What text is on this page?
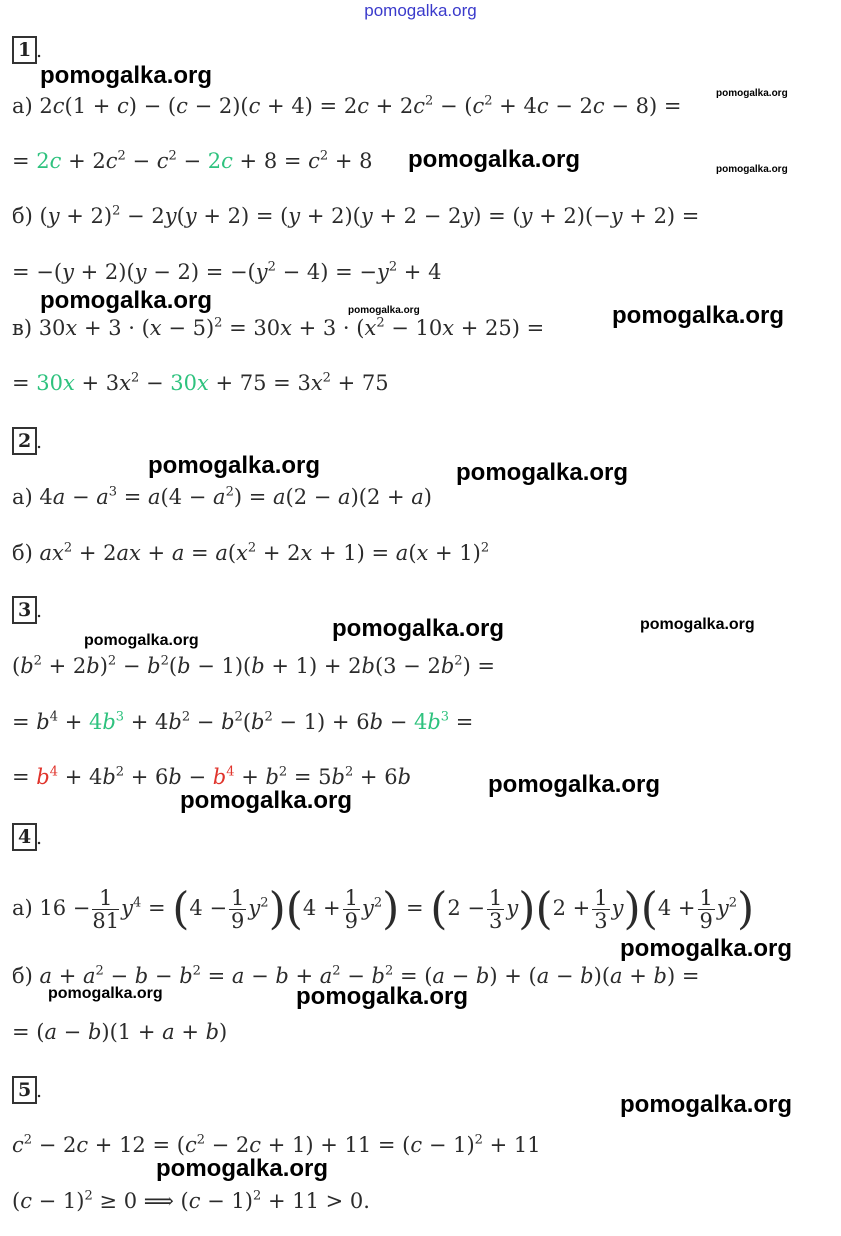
pomogalka.org
1 .
pomogalka.org
pomogalka.org
а) $2c(1 + c) - (c - 2)(c + 4) = 2c + 2c^2 - (c^2 + 4c - 2c - 8)$ =
= $2c + 2c^2 - c^2 - 2c + 8 = c^2 + 8$ pomogalka.org	pomogalka.org
б) $(y + 2)^2 - 2y(y + 2) = (y + 2)(y + 2 - 2y) = (y + 2)(-y + 2)$ =
= $-(y + 2)(y - 2) = -(y^2 - 4) = -y^2 + 4$
pomogalka.org	pomogalka.org	pomogalka.org
в) $30x + 3 \cdot (x - 5)^2 = 30x + 3 \cdot (x^2 - 10x + 25)$ =
= $30x + 3x^2 - 30x + 75 = 3x^2 + 75$
2 .
pomogalka.org	pomogalka.org
а) $4a - a^3 = a(4 - a^2) = a(2 - a)(2 + a)$
б) $ax^2 + 2ax + a = a(x^2 + 2x + 1) = a(x + 1)^2$
3 .
pomogalka.org	pomogalka.org	pomogalka.org
$(b^2 + 2b)^2 - b^2(b - 1)(b + 1) + 2b(3 - 2b^2)$ =
= $b^4 + 4b^3 + 4b^2 - b^2(b^2 - 1) + 6b - 4b^3$ =
= $b^4 + 4b^2 + 6b - b^4 + b^2 = 5b^2 + 6b$	pomogalka.org
pomogalka.org
4 .
а) $16 - \frac{1}{81} y^4 = (4 - \frac{1}{9} y^2)(4 + \frac{1}{9} y^2) = (2 - \frac{1}{3} y)(2 + \frac{1}{3} y)(4 + \frac{1}{9} y^2)$
pomogalka.org
б) $a + a^2 - b - b^2 = a - b + a^2 - b^2 = (a - b) + (a - b)(a + b)$ =
pomogalka.org	pomogalka.org
= (a − b)(1 + a + b)
5 .	pomogalka.org
$c^2 - 2c + 12 = (c^2 - 2c + 1) + 11 = (c - 1)^2 + 11$
pomogalka.org
$(c - 1)^2 \ge 0$ ⟹ $(c - 1)^2 + 11 > 0$.
